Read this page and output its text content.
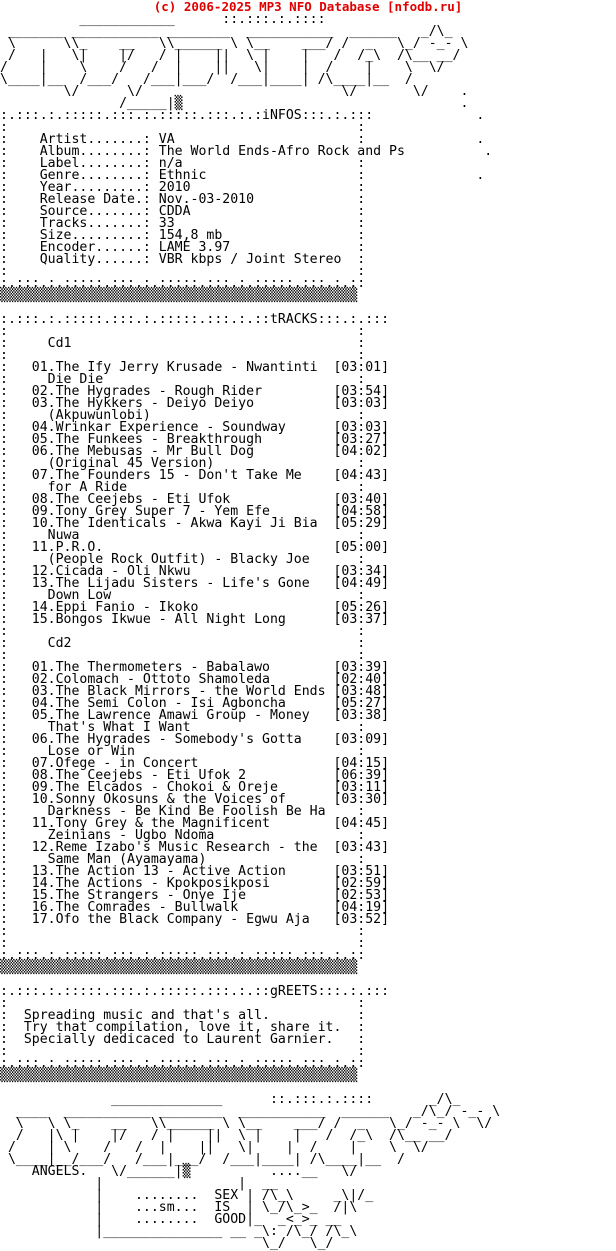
(c) 2006-2025 MP3 NFO Database [nfodb.ru]
____________      ::.:::.:.::::
_______ ___________ ________  ___________  ______   _/\_
\      \\_    __   \\______ \ \__    ___/ /  _   \_/ -_- \
/   |   \|    |/   / |    ||  \ |    |   /  /_\  /\__ __/
/    |    \    /   /  |    ||   \|    |  /    |    \  \/
\____|__  /___/   /___|___/  /___|____| /\____|__  /
\/      \/                         \/       \/    .
/_____|▒                                   .
:.:::.:.:::::.:::.:.:::::.:::.:.:iNFOS:::.:.:::             .
:                                            :
:    Artist.......: VA                       :              .
:    Album........: The World Ends-Afro Rock and Ps          .
:    Label........: n/a                      :
:    Genre........: Ethnic                   :              .
:    Year.........: 2010                     :
:    Release Date.: Nov.-03-2010             :
:    Source.......: CDDA                     :
:    Tracks.......: 33                       :
:    Size.........: 154,8 mb                 :
:    Encoder......: LAME 3.97                :
:    Quality......: VBR kbps / Joint Stereo  :
:                                            :
:.:::.:.:::::.:::.:.:::::.:::.:.:::::.:::.:.::
▒▒▒▒▒▒▒▒▒▒▒▒▒▒▒▒▒▒▒▒▒▒▒▒▒▒▒▒▒▒▒▒▒▒▒▒▒▒▒▒▒▒▒▒▒

:.:::.:.:::::.:::.:.:::::.:::.:.::tRACKS:::.:.:::
:                                            :
:     Cd1                                    :
:                                            :
:   01.The Ify Jerry Krusade - Nwantinti  [03:01]
:     Die Die                                :
:   02.The Hygrades - Rough Rider         [03:54]
:   03.The Hykkers - Deiyo Deiyo          [03:03]
:     (Akpuwunlobi)                          :
:   04.Wrinkar Experience - Soundway      [03:03]
:   05.The Funkees - Breakthrough         [03:27]
:   06.The Mebusas - Mr Bull Dog          [04:02]
:     (Original 45 Version)                  :
:   07.The Founders 15 - Don't Take Me    [04:43]
:     for A Ride                             :
:   08.The Ceejebs - Eti Ufok             [03:40]
:   09.Tony Grey Super 7 - Yem Efe        [04:58]
:   10.The Identicals - Akwa Kayi Ji Bia  [05:29]
:     Nuwa                                   :
:   11.P.R.O.                             [05:00]
:     (People Rock Outfit) - Blacky Joe      :
:   12.Cicada - Oli Nkwu                  [03:34]
:   13.The Lijadu Sisters - Life's Gone   [04:49]
:     Down Low                               :
:   14.Eppi Fanio - Ikoko                 [05:26]
:   15.Bongos Ikwue - All Night Long      [03:37]
:                                            :
:     Cd2                                    :
:                                            :
:   01.The Thermometers - Babalawo        [03:39]
:   02.Colomach - Ottoto Shamoleda        [02:40]
:   03.The Black Mirrors - the World Ends [03:48]
:   04.The Semi Colon - Isi Agboncha      [05:27]
:   05.The Lawrence Amawi Group - Money   [03:38]
:     That's What I Want                     :
:   06.The Hygrades - Somebody's Gotta    [03:09]
:     Lose or Win                            :
:   07.Ofege - in Concert                 [04:15]
:   08.The Ceejebs - Eti Ufok 2           [06:39]
:   09.The Elcados - Chokoi & Oreje       [03:11]
:   10.Sonny Okosuns & the Voices of      [03:30]
:     Darkness - Be Kind Be Foolish Be Ha    :
:   11.Tony Grey & the Magnificent        [04:45]
:     Zeinians - Ugbo Ndoma                  :
:   12.Reme Izabo's Music Research - the  [03:43]
:     Same Man (Ayamayama)                   :
:   13.The Action 13 - Active Action      [03:51]
:   14.The Actions - Kpokposikposi        [02:59]
:   15.The Strangers - Onye Ije           [02:53]
:   16.The Comrades - Bullwalk            [04:19]
:   17.Ofo the Black Company - Egwu Aja   [03:52]
:                                            :
:                                            :
:.:::.:.:::::.:::.:.:::::.:::.:.:::::.:::.:.::
▒▒▒▒▒▒▒▒▒▒▒▒▒▒▒▒▒▒▒▒▒▒▒▒▒▒▒▒▒▒▒▒▒▒▒▒▒▒▒▒▒▒▒▒▒

:.:::.:.:::::.:::.:.:::::.:::.:.::gREETS:::.:.:::
:                                            :
:  Spreading music and that's all.           :
:  Try that compilation, love it, share it.  :
:  Specially dedicaced to Laurent Garnier.   :
:                                            :
:.:::.:.:::::.:::.:.:::::.:::.:.:::::.:::.:.::
▒▒▒▒▒▒▒▒▒▒▒▒▒▒▒▒▒▒▒▒▒▒▒▒▒▒▒▒▒▒▒▒▒▒▒▒▒▒▒▒▒▒▒▒▒

______________      ::.:::.:.::::       _/\_
____  ___________ ________  ___________  ______   _/\_/ -_- \
\   \ \_    __   \\______ \ \__    ___/ /  _   \_/ -_- \  \/
/   |\ |    |/   / |    ||  \ |    |   /  /_\  /\__ __/
/    | \    /   /  |    ||   \|    |  /    |    \  \/
\____|__/___/   /___|___/  /___|____| /\____|__  /
ANGELS.   \/______|▒          ....__   \/
|                 |  __
|    ........  SEX | /\_\     _\|/_
|    ...sm...  IS  | \_/\_>_  /|\
|    ........  GOOD|_  _<_>_ __
|_______________ __ _\: /\_/ /\_\
\_/   \_/
